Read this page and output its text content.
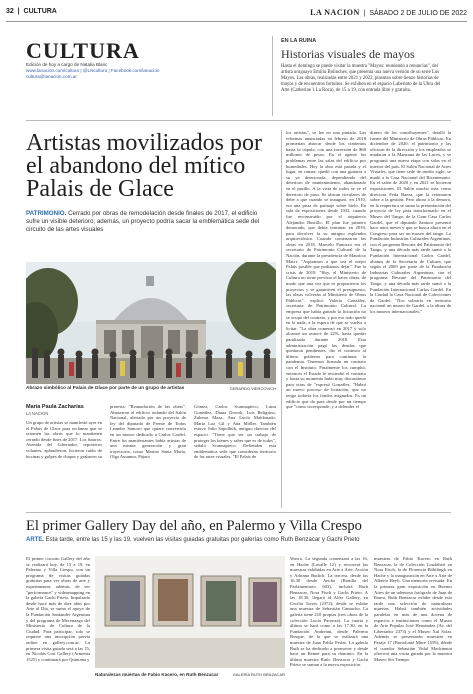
32  |  CULTURA	LA NACION  |  SÁBADO 2 DE JULIO DE 2022
CULTURA
Edición de hoy a cargo de Natalia Blanc
www.lanacion.com/cultura | @LNcultura | Facebook.com/lanacion
cultura@lanacion.com.ar
EN LA RUINA
Historias visuales de mayos
Hasta el domingo se puede visitar la muestra "Mayos: reuniendo a renuncias", del artista uruguayo Emilio Bolinches, que presenta una nueva versión de su serie Los Mayos. Las obras, realizadas entre 2021 y 2022, plasman sobre lienzo historias de mayos y de encuentros fortuitos. Se exhiben en el espacio Laberinto de la Ultra del Arte (Catherine 1 La Roca), de 15 a 19, con entrada libre y gratuita.
Artistas movilizados por el abandono del mítico Palais de Glace
PATRIMONIO. Cerrado por obras de remodelación desde finales de 2017, el edificio sufre un visible deterioro; además, un proyecto podría sacar la emblemática sede del circuito de las artes visuales
Abrazo simbólico al Palais de Glace por parte de un grupo de artistas	GERARDO VIERCOVICH
María Paula Zacharías
LA NACION
Un grupo de artistas se manifestó ayer en el Palais de Glace para reclamar que se retomen las obras que lo mantienen cerrado desde fines de 2017. Los futuros: Avenida del Libertador, reporteros volantes, aplaudieron, hicieron ruido de bocinas y golpes de chapas y grabaron su
protesta: "Reanudación de las obras". Abrazaron al edificio rodando del Salón Nacional, alertado por un proyecto de ley del diputado de Frente de Todos Leandro Santoro que quiere convertirlo en un museo dedicado a Carlos Gardel. Entre los manifestantes había artistas de una misma generación y gran trayectoria, como Marino Santa María, Olga Autunno, Pájaro
Gómez, Carlos Scannapieco, Luisa González, Diana Dowek, Luis Beligrino, Zulema Maza, Ana Lucía Maldonado, María Luz Gil y Ana Möller. También estuvo Julio Sapollnik, antiguo director del espacio. "Tiene que ser un trabajo de proteger los bienes y saber que es de todos", señaló Scannapieco. Defienden esta emblemática sede que consideran territorio de las artes visuales. "El Palais de
los artistas", se lee en una pintada. Las reformas anunciadas en febrero de 2018 prometían abarcar desde los cimientos hasta la cúpula, con una inversión de $60 millones de pesos. En el agente los problemas entre las salas del edificio por humedades. Hoy la obra está parada y el lugar, en ruinas: quedó con una guitarra a su ya deteriorada, dependiendo del deterioro de mantenimiento, abandonado en el pasillo. A la vista de todos se ve el deterioro de paso. Se ubican circulares de debe a que cuando se inauguró, en 1910, era una pista de patinaje sobre hielo. En sala de exposiciones desde 1932, cuando fue reconstruido por el arquitecto Alejandro Bustillo. El plan fue primero demorado, que debía terminar en 2019, para devolver la su antiguo esplendor arquitectónico. Cuando comenzaron las obras en 2018, Marcelo Panozzo era el secretario de Patrimonio Cultural de la Nación, durante la presidencia de Mauricio Macri: "Aspiramos a que sea el mejor Palais posible que podíamos dejar". Fue la crisis de 2019. "Hoy, el Ministerio de Cultura no tiene previsto el hacer obras, de modo que una vez que se propusieron los proyectos y se garanticen el presupuesto, las obras volverán al Ministerio de Obras Públicas", explicó Valeria González, secretaria de Patrimonio Cultural. La empresa que había ganado la licitación no se ocupó del contrato, y por eso todo quedó en la nada, a la espera de que se vuelva a licitar. "La obra comenzó en 2017 y solo alcanzó un avance de 22%, hasta quedar paralizada durante 2018. Esta administración pagó las deudas que quedaron pendientes, dio el contexto al último gobierno para continuar la pandemia. Tenemos firmado un contrato con el Instituto. Finalmente los cumplió, entonces el Estado le rescindió el contrato y hasta su momento hubo muy discontinuo para otras de "expresó González. "Habrá un nuevo proceso de licitación, que no tengo todavía los fondos asignados. Es un edificio que da para desde por un tiempo que "como corresponde, y a defender el
dinero de los contribuyentes", detalló la fuente del Ministerio de Obras Públicas. En diciembre de 2020, el patrimonio y las oficinas de la dirección y los empleados se mudaron a la Manzana de las Luces, y se programó una nueva etapa con salas en el interior del país. El Salón Nacional de Artes Visuales, que tiene sede de medio siglo, se mudó a la Casa Nacional del Bicentenario. En el salón de 2020 y en 2021 se hicieron exposiciones. El Salón mucho más como directora Feda Baeza, que la retomaron sobre a la gestión. Pero ahora a la demora, en la reapertura se suma la presentación del proyecto de ley para transformarlo en el Museo del Tango, de la Gran Casa Carlos Gardel, que el diputado Santoro presentó hace unos meses y que se busca ahora en el Congreso para ser un museo del tango. La Fundación Industrias Culturales Argentinas, con el programa Rescate del Patrimonio del Tango, y una década más tarde sumó a la Fundación Internacional Carlos Gardel, alianza de la Secretaría de Cultura, que según el 2009 por parte de la Fundación Industrias Culturales Argentinas, con el programa Rescate del Patrimonio del Tango, y una década más tarde sumó a la Fundación Internacional Carlos Gardel. En la Ciudad la Casa Nacional de Colecciones de Gardel. "Nos sobraría en territorio nacional un museo de Gardel, a la altura de los museos internacionales."
El primer Gallery Day del año, en Palermo y Villa Crespo
ARTE. Esta tarde, entre las 15 y las 19, vuelven las visitas guiadas gratuitas por galerías como Ruth Benzacar y Gachi Prieto
El primer circuito Gallery del año se realizará hoy, de 15 a 19, en Palermo y Villa Crespo, con un programa de visitas guiadas gratuitas para ver obras de arte y experimentar, además, de ver "performance" y videomapping en la galería Gachi Prieto. Impulsado desde hace más de diez años por Arte al Día, se suma el apoyo de la Fundación Santander Argentina y del programa de Mecenazgo del Ministerio de Cultura de la Ciudad. Para participar, solo se requiere una inscripción previa online en gallery.com.ar. La primera visita guiada será a las 15, en Nicolás Cori Gallery (Armenia 1525) y continuará por Quintana y
Naturalezas muertas de Fabio Kacero, en Ruth Benzacar	GALERÍA RUTH BENZACAR
Wasco. La segunda comenzará a las 16, en Hache (Lavalle 12) y recorrerá las muestras exhibidas en Arte x Arte, Acción y Adriana Budich. La tercera, desde las 16.30 desde Ancha (Bonilla del Parlamentario 603), incluirá Ruth Benzacar, Nora Fisch y Gachi Prieto. A las 18.30, llegará al Alfer Gallery, en Cecilia Torres (2372); desde se exhibe una muestra de Sebastián Cantucho. La galería tiene 210 propias (tres obras de la colección Lucía Pacenza). La cuarta y última se hará como a las 17.30, en la Fundación Andreani, desde Palermo Bosque, de la que se realizará una muestra de Juan Pablo Ferlat. La galería Ruth se ha dedicado a promover y desde hace un Renné para su dominio. En la última muestra Ruth. Benzacar y Gachi Prieto se suman a la nueva exposición.
muestras de Fabio Kacero en Ruth Benzacar, la de Colección Loudaheri en Nora Fisch, la de Florencia Böhtlingk en Hache y la inauguración en Arte x Arte de Alberto Heyli. Una memoria revisada. En la primera gran exposición en Buenos Aires de un talentoso fotógrafo de Juan de Ibarra, Ruth Benzacar exhibe desde esta tarde una selección de naturalezas muertas. Habrá también actividades paralelas en más de una docena de espacios e instituciones como el Museo de Arte Popular José Hernández (Av. del Libertador 2373) y el Museo Xul Solar. Además se presentarán muestras en Pasaje 17 (Bartolomé Mitre 1559), dónde el curador Sebastián Vidal Mackinnon ofrecerá una visita guiada por la muestra Museo Sin Tiempo.
